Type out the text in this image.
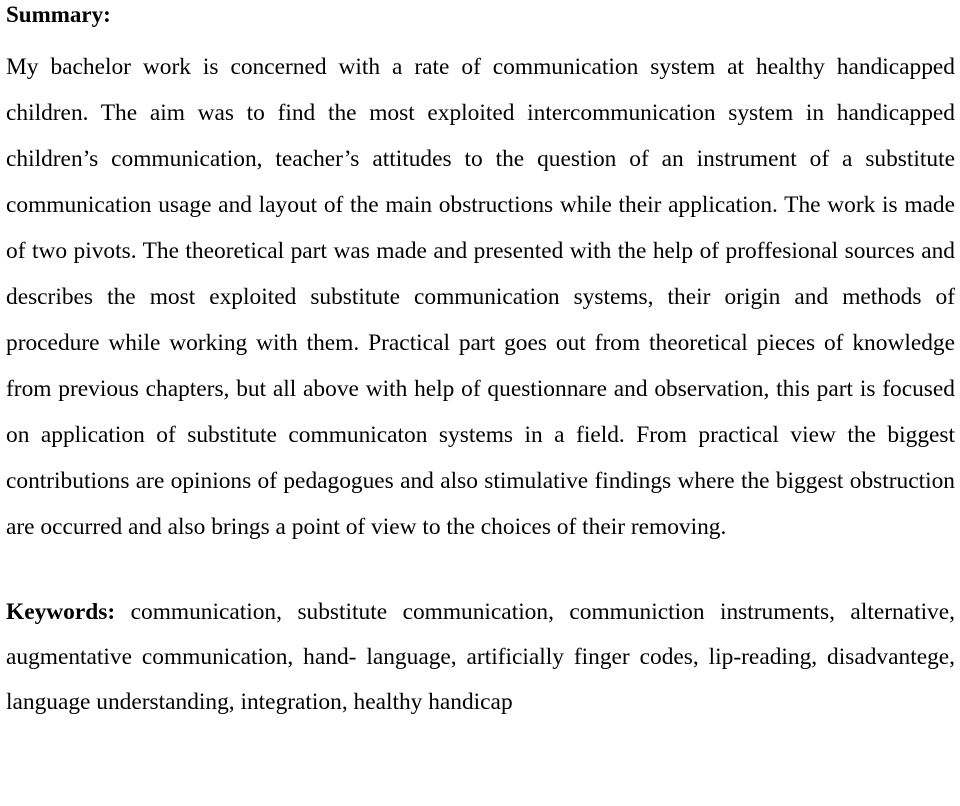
Summary:

My bachelor work is concerned with a rate of communication system at healthy handicapped children. The aim was to find the most exploited intercommunication system in handicapped children’s communication, teacher’s attitudes to the question of an instrument of a substitute communication usage and layout of the main obstructions while their application. The work is made of two pivots. The theoretical part was made and presented with the help of proffesional sources and describes the most exploited substitute communication systems, their origin and methods of procedure while working with them. Practical part goes out from theoretical pieces of knowledge from previous chapters, but all above with help of questionnare and observation, this part is focused on application of substitute communicaton systems in a field. From practical view the biggest contributions are opinions of pedagogues and also stimulative findings where the biggest obstruction are occurred and also brings a point of view to the choices of their removing.

Keywords: communication, substitute communication, communiction instruments, alternative, augmentative communication, hand- language, artificially finger codes, lip-reading, disadvantege, language understanding, integration, healthy handicap
